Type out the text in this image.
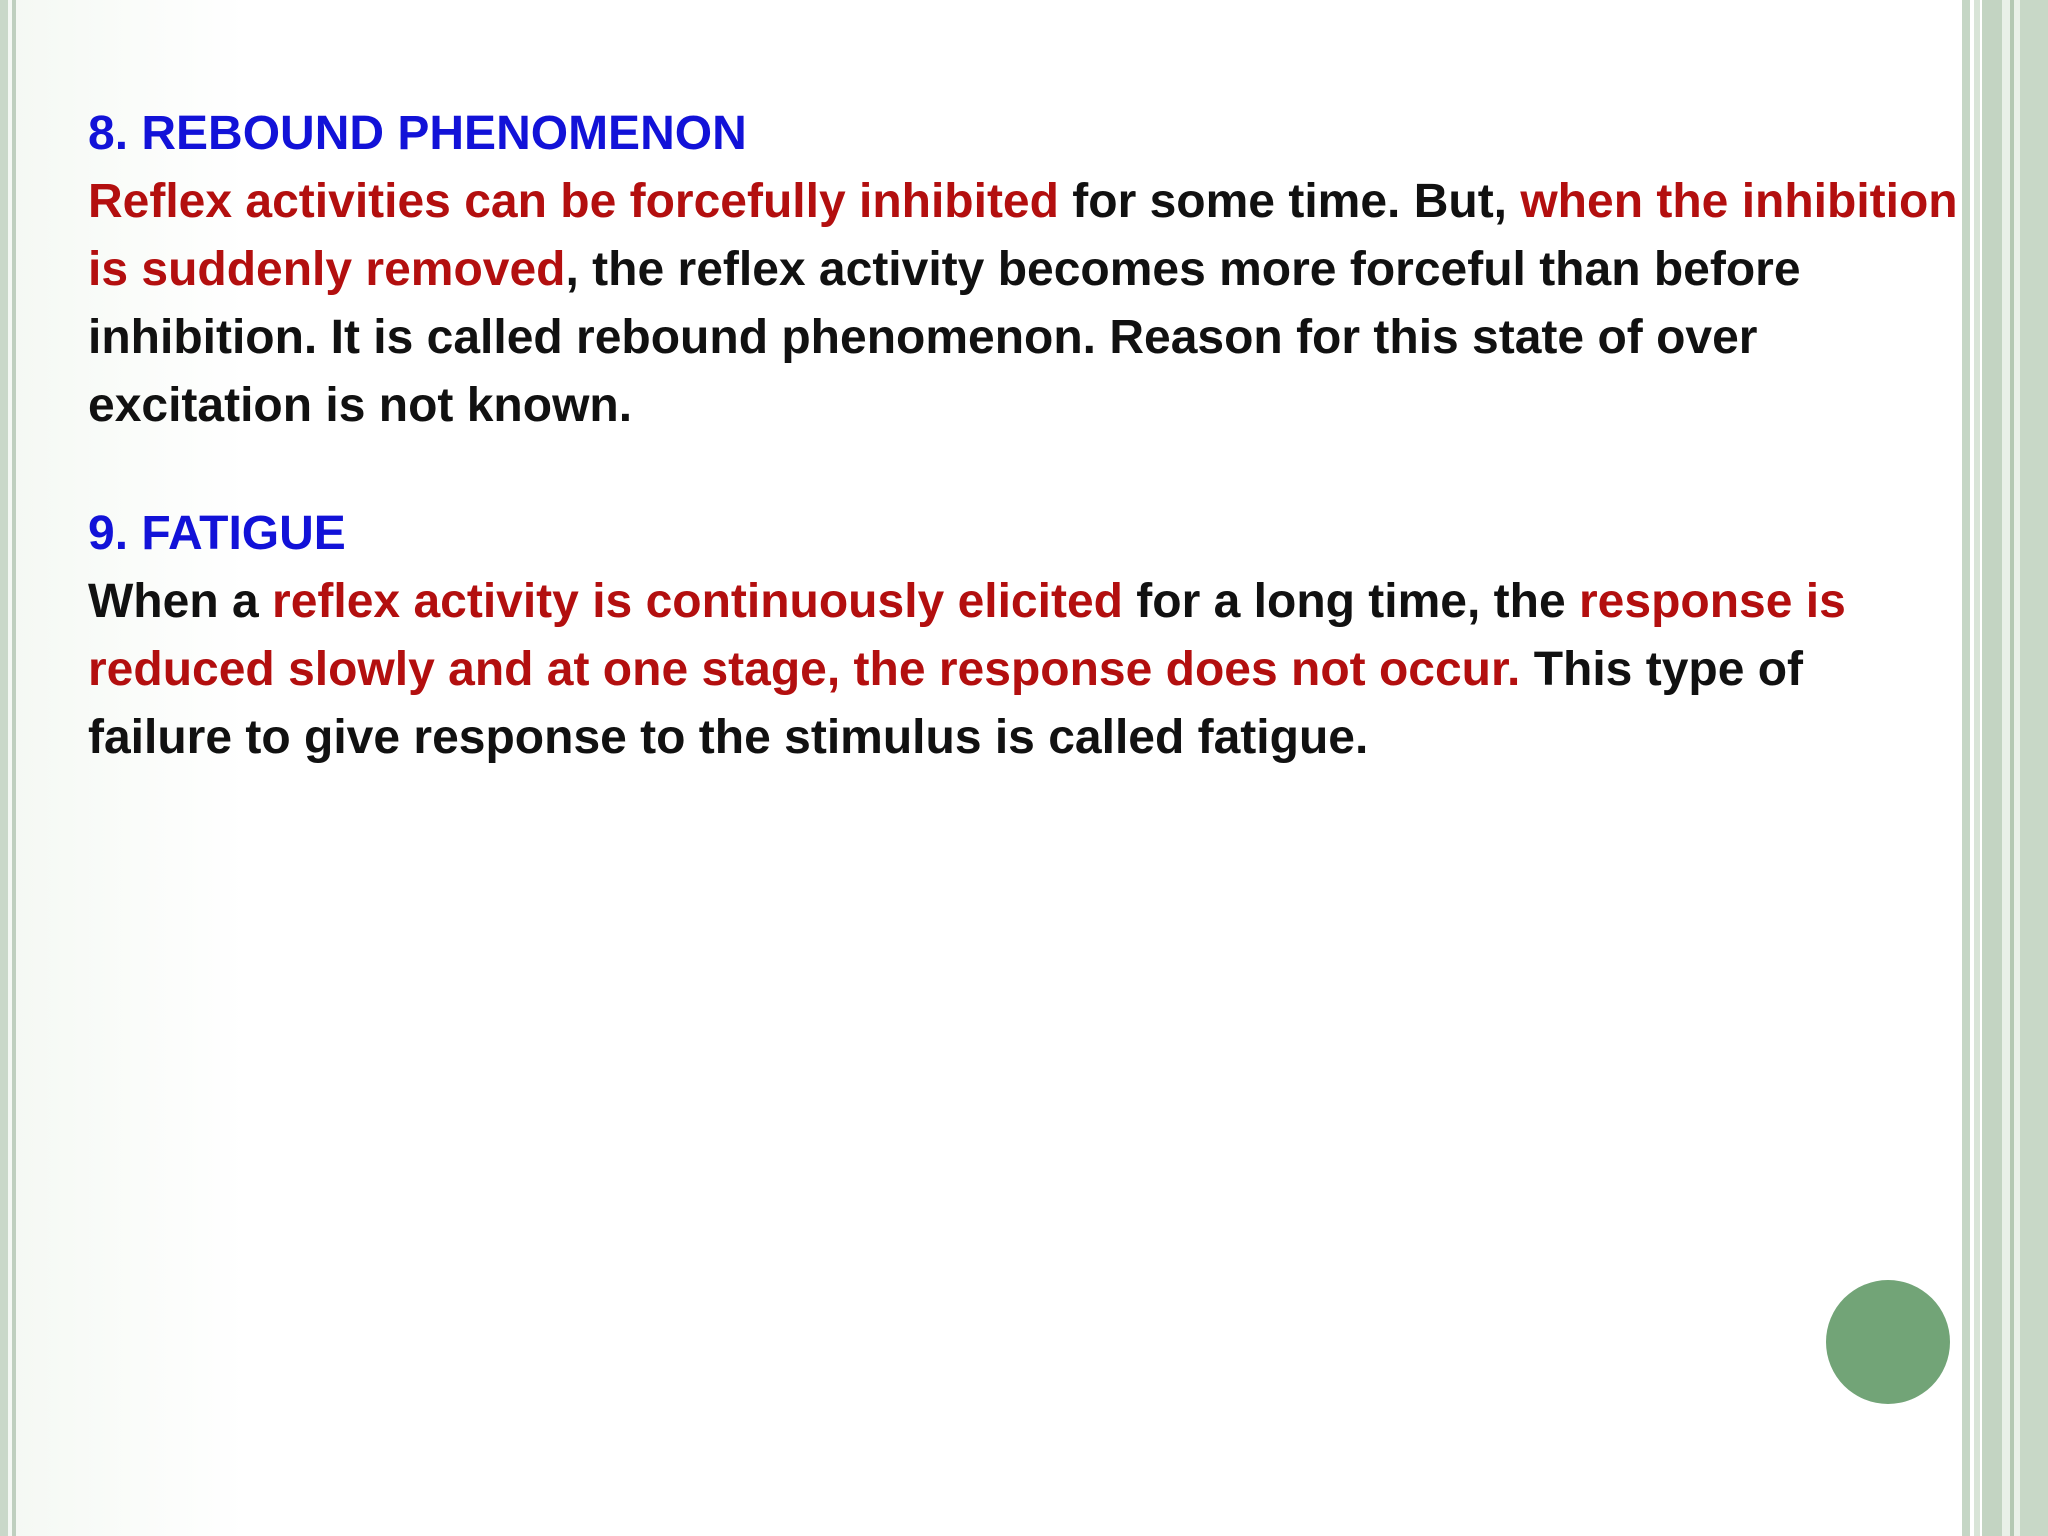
8. REBOUND PHENOMENON

Reflex activities can be forcefully inhibited for some time. But, when the inhibition is suddenly removed, the reflex activity becomes more forceful than before inhibition. It is called rebound phenomenon. Reason for this state of over excitation is not known.

9. FATIGUE

When a reflex activity is continuously elicited for a long time, the response is reduced slowly and at one stage, the response does not occur. This type of failure to give response to the stimulus is called fatigue.
